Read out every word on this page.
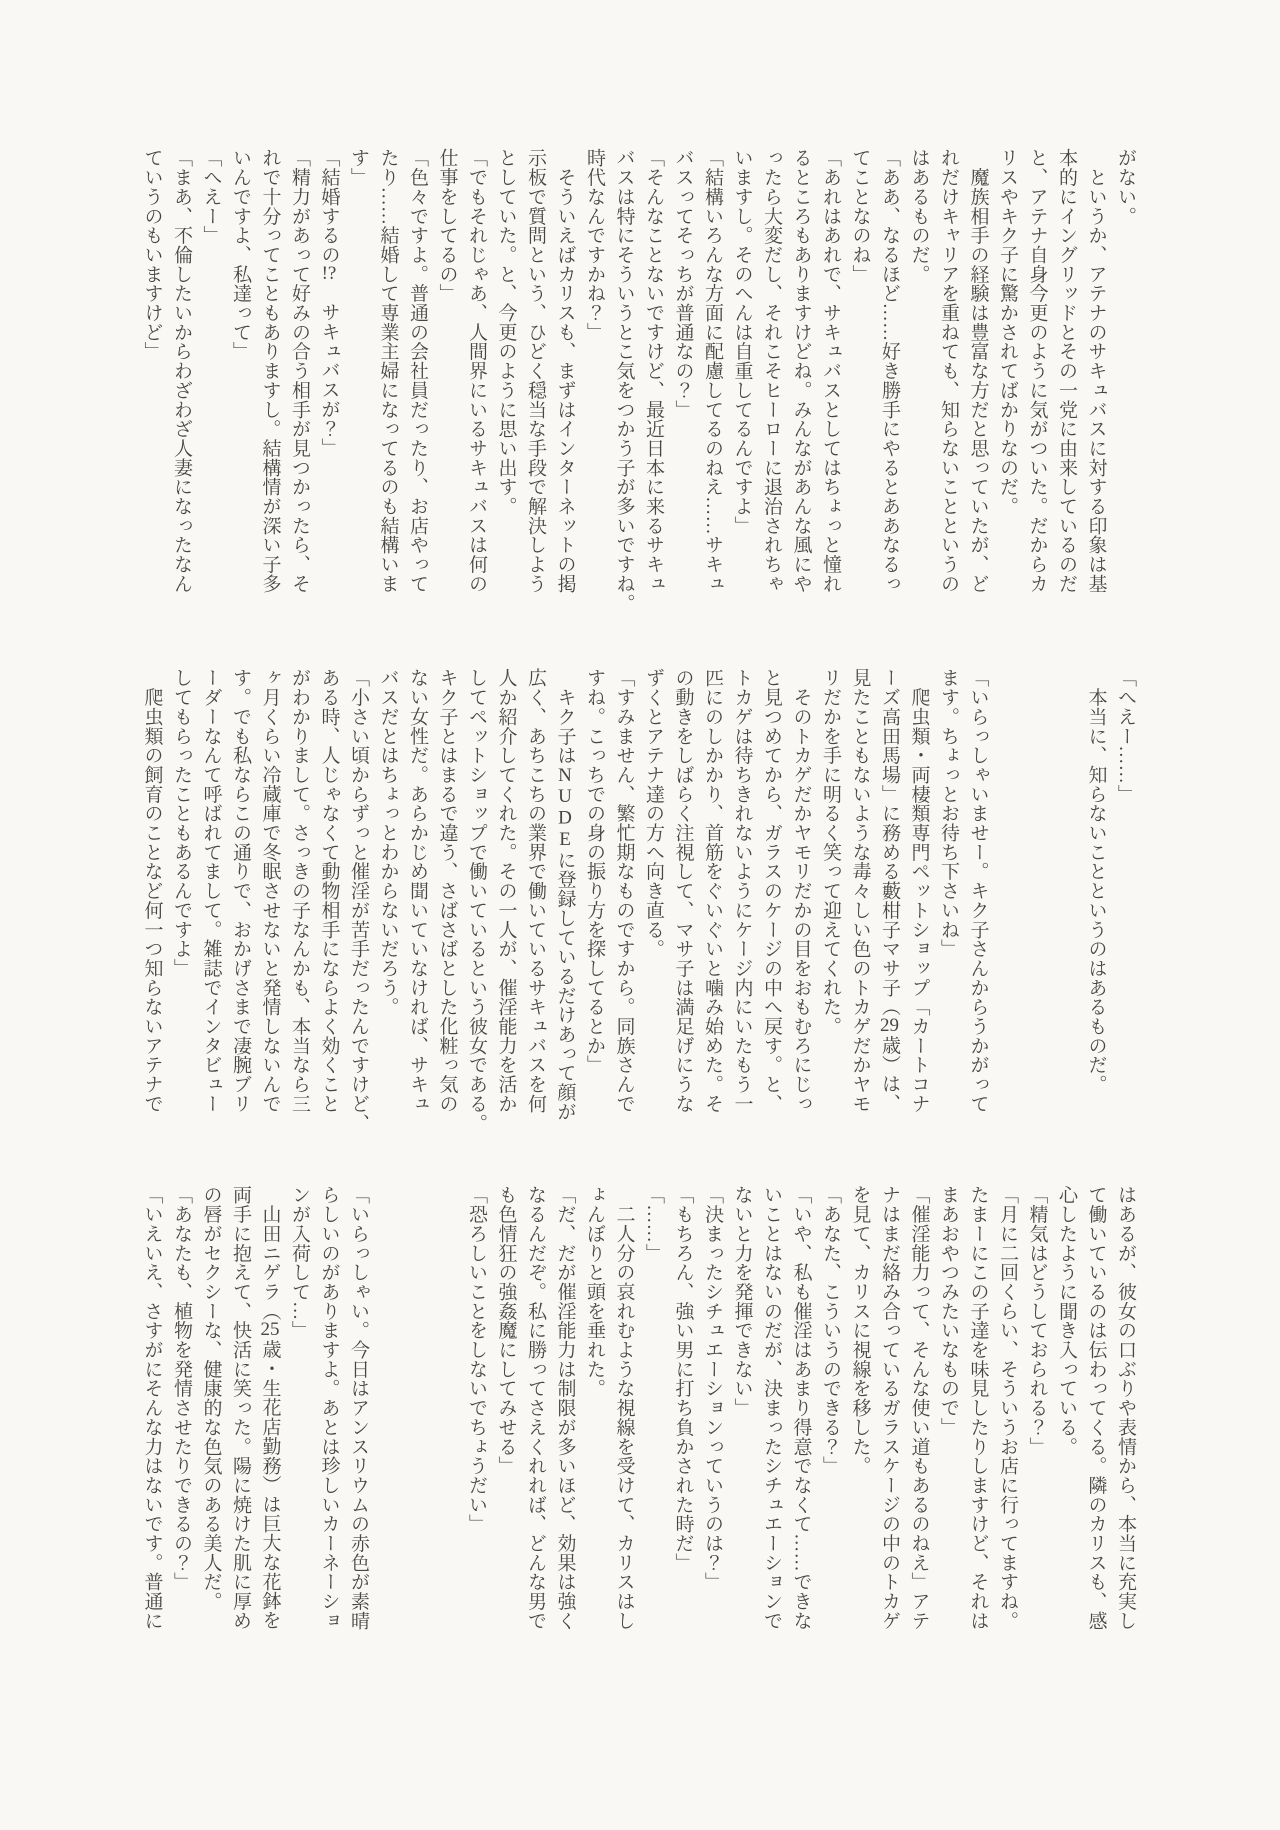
がない。
　というか、アテナのサキュバスに対する印象は基
本的にイングリッドとその一党に由来しているのだ
と、アテナ自身今更のように気がついた。だからカ
リスやキク子に驚かされてばかりなのだ。
　魔族相手の経験は豊富な方だと思っていたが、ど
れだけキャリアを重ねても、知らないことというの
はあるものだ。
「ああ、なるほど……好き勝手にやるとああなるっ
てことなのね」
「あれはあれで、サキュバスとしてはちょっと憧れ
るところもありますけどね。みんながあんな風にや
ったら大変だし、それこそヒーローに退治されちゃ
いますし。そのへんは自重してるんですよ」
「結構いろんな方面に配慮してるのねえ……サキュ
バスってそっちが普通なの？」
「そんなことないですけど、最近日本に来るサキュ
バスは特にそういうとこ気をつかう子が多いですね。
時代なんですかね？」
　そういえばカリスも、まずはインターネットの掲
示板で質問という、ひどく穏当な手段で解決しよう
としていた。と、今更のように思い出す。
「でもそれじゃあ、人間界にいるサキュバスは何の
仕事をしてるの」
「色々ですよ。普通の会社員だったり、お店やって
たり……結婚して専業主婦になってるのも結構いま
す」
「結婚するの!?　サキュバスが？」
「精力があって好みの合う相手が見つかったら、そ
れで十分ってこともありますし。結構情が深い子多
いんですよ、私達って」
「へえー」
「まあ、不倫したいからわざわざ人妻になったなん
ていうのもいますけど」
「へえー……」
　本当に、知らないことというのはあるものだ。
「いらっしゃいませー。キク子さんからうかがって
ます。ちょっとお待ち下さいね」
　爬虫類・両棲類専門ペットショップ「カートコナ
ーズ高田馬場」に務める藪柑子マサ子（29歳）は、
見たこともないような毒々しい色のトカゲだかヤモ
リだかを手に明るく笑って迎えてくれた。
　そのトカゲだかヤモリだかの目をおもむろにじっ
と見つめてから、ガラスのケージの中へ戻す。と、
トカゲは待ちきれないようにケージ内にいたもう一
匹にのしかかり、首筋をぐいぐいと噛み始めた。そ
の動きをしばらく注視して、マサ子は満足げにうな
ずくとアテナ達の方へ向き直る。
「すみません、繁忙期なものですから。同族さんで
すね。こっちでの身の振り方を探してるとか」
　キク子はNUDEに登録しているだけあって顔が
広く、あちこちの業界で働いているサキュバスを何
人か紹介してくれた。その一人が、催淫能力を活か
してペットショップで働いているという彼女である。
キク子とはまるで違う、さばさばとした化粧っ気の
ない女性だ。あらかじめ聞いていなければ、サキュ
バスだとはちょっとわからないだろう。
「小さい頃からずっと催淫が苦手だったんですけど、
ある時、人じゃなくて動物相手にならよく効くこと
がわかりまして。さっきの子なんかも、本当なら三
ヶ月くらい冷蔵庫で冬眠させないと発情しないんで
す。でも私ならこの通りで、おかげさまで凄腕ブリ
ーダーなんて呼ばれてまして。雑誌でインタビュー
してもらったこともあるんですよ」
　爬虫類の飼育のことなど何一つ知らないアテナで
はあるが、彼女の口ぶりや表情から、本当に充実し
て働いているのは伝わってくる。隣のカリスも、感
心したように聞き入っている。
「精気はどうしておられる？」
「月に二回くらい、そういうお店に行ってますね。
たまーにこの子達を味見したりしますけど、それは
まあおやつみたいなもので」
「催淫能力って、そんな使い道もあるのねえ」アテ
ナはまだ絡み合っているガラスケージの中のトカゲ
を見て、カリスに視線を移した。
「あなた、こういうのできる？」
「いや、私も催淫はあまり得意でなくて……できな
いことはないのだが、決まったシチュエーションで
ないと力を発揮できない」
「決まったシチュエーションっていうのは？」
「もちろん、強い男に打ち負かされた時だ」
「……」
　二人分の哀れむような視線を受けて、カリスはし
ょんぼりと頭を垂れた。
「だ、だが催淫能力は制限が多いほど、効果は強く
なるんだぞ。私に勝ってさえくれれば、どんな男で
も色情狂の強姦魔にしてみせる」
「恐ろしいことをしないでちょうだい」
「いらっしゃい。今日はアンスリウムの赤色が素晴
らしいのがありますよ。あとは珍しいカーネーショ
ンが入荷して…」
　山田ニゲラ（25歳・生花店勤務）は巨大な花鉢を
両手に抱えて、快活に笑った。陽に焼けた肌に厚め
の唇がセクシーな、健康的な色気のある美人だ。
「あなたも、植物を発情させたりできるの？」
「いえいえ、さすがにそんな力はないです。普通に
